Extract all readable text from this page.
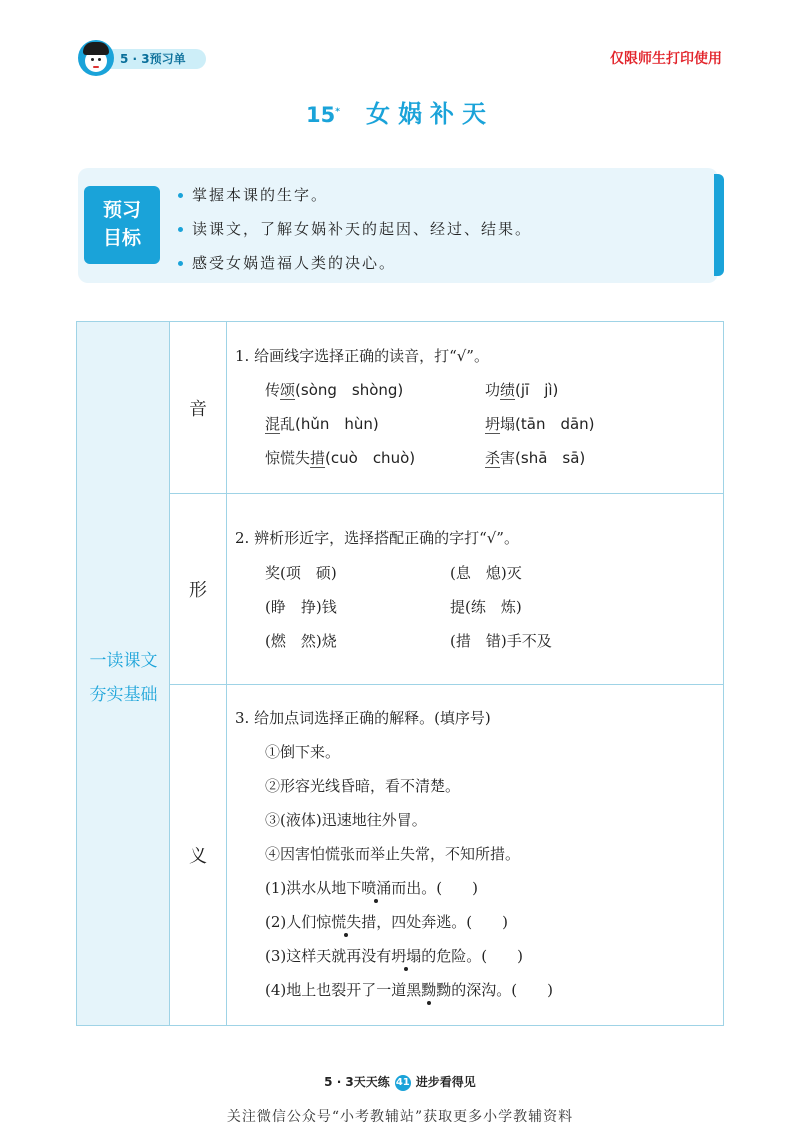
5 · 3预习单	仅限师生打印使用
15* 女娲补天
预习
目标
掌握本课的生字。
读课文，了解女娲补天的起因、经过、结果。
感受女娲造福人类的决心。
一读课文
夯实基础
音
1. 给画线字选择正确的读音，打“√”。
传颂(sòng　shòng)	功绩(jī　jì)
混乱(hǔn　hùn)	坍塌(tān　dān)
惊慌失措(cuò　chuò)	杀害(shā　sā)
形
2. 辨析形近字，选择搭配正确的字打“√”。
奖(项　硕)	(息　熄)灭
(睁　挣)钱	提(练　炼)
(燃　然)烧	(措　错)手不及
义
3. 给加点词选择正确的解释。(填序号)
①倒下来。
②形容光线昏暗，看不清楚。
③(液体)迅速地往外冒。
④因害怕慌张而举止失常，不知所措。
(1)洪水从地下喷涌而出。(　　)
(2)人们惊慌失措，四处奔逃。(　　)
(3)这样天就再没有坍塌的危险。(　　)
(4)地上也裂开了一道黑黝黝的深沟。(　　)
5 · 3天天练 41 进步看得见
关注微信公众号“小考教辅站”获取更多小学教辅资料
